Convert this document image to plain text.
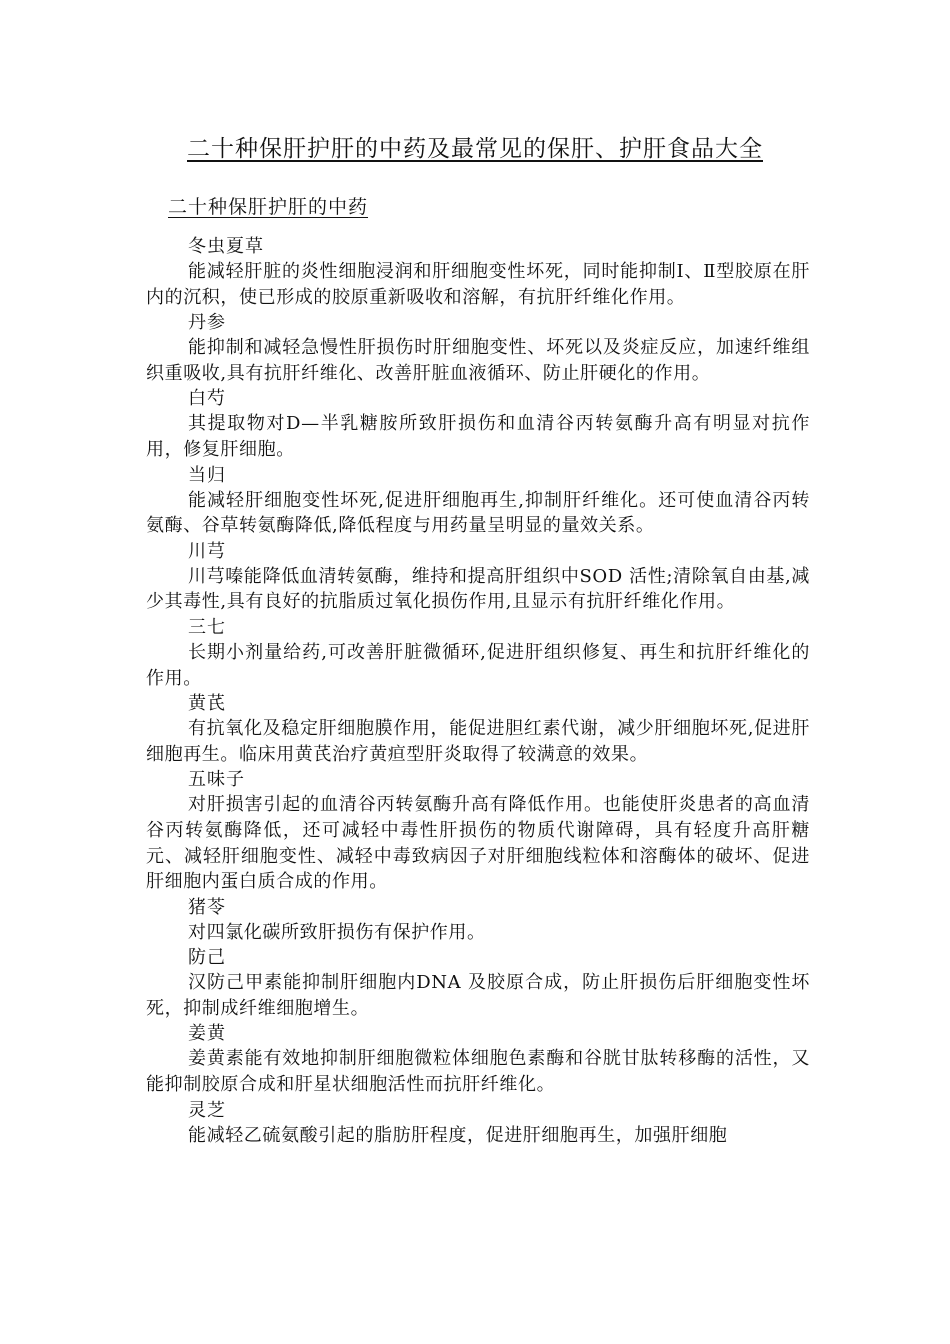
二十种保肝护肝的中药及最常见的保肝、护肝食品大全
二十种保肝护肝的中药

冬虫夏草

能减轻肝脏的炎性细胞浸润和肝细胞变性坏死，同时能抑制Ⅰ、Ⅱ型胶原在肝内的沉积，使已形成的胶原重新吸收和溶解，有抗肝纤维化作用。

丹参

能抑制和减轻急慢性肝损伤时肝细胞变性、坏死以及炎症反应，加速纤维组织重吸收,具有抗肝纤维化、改善肝脏血液循环、防止肝硬化的作用。

白芍

其提取物对D—半乳糖胺所致肝损伤和血清谷丙转氨酶升高有明显对抗作用，修复肝细胞。

当归

能减轻肝细胞变性坏死,促进肝细胞再生,抑制肝纤维化。还可使血清谷丙转氨酶、谷草转氨酶降低,降低程度与用药量呈明显的量效关系。

川芎

川芎嗪能降低血清转氨酶，维持和提高肝组织中SOD 活性;清除氧自由基,减少其毒性,具有良好的抗脂质过氧化损伤作用,且显示有抗肝纤维化作用。

三七

长期小剂量给药,可改善肝脏微循环,促进肝组织修复、再生和抗肝纤维化的作用。

黄芪

有抗氧化及稳定肝细胞膜作用，能促进胆红素代谢，减少肝细胞坏死,促进肝细胞再生。临床用黄芪治疗黄疸型肝炎取得了较满意的效果。

五味子

对肝损害引起的血清谷丙转氨酶升高有降低作用。也能使肝炎患者的高血清谷丙转氨酶降低，还可减轻中毒性肝损伤的物质代谢障碍，具有轻度升高肝糖元、减轻肝细胞变性、减轻中毒致病因子对肝细胞线粒体和溶酶体的破坏、促进肝细胞内蛋白质合成的作用。

猪苓

对四氯化碳所致肝损伤有保护作用。

防己

汉防己甲素能抑制肝细胞内DNA 及胶原合成，防止肝损伤后肝细胞变性坏死，抑制成纤维细胞增生。

姜黄

姜黄素能有效地抑制肝细胞微粒体细胞色素酶和谷胱甘肽转移酶的活性，又能抑制胶原合成和肝星状细胞活性而抗肝纤维化。

灵芝

能减轻乙硫氨酸引起的脂肪肝程度，促进肝细胞再生，加强肝细胞
